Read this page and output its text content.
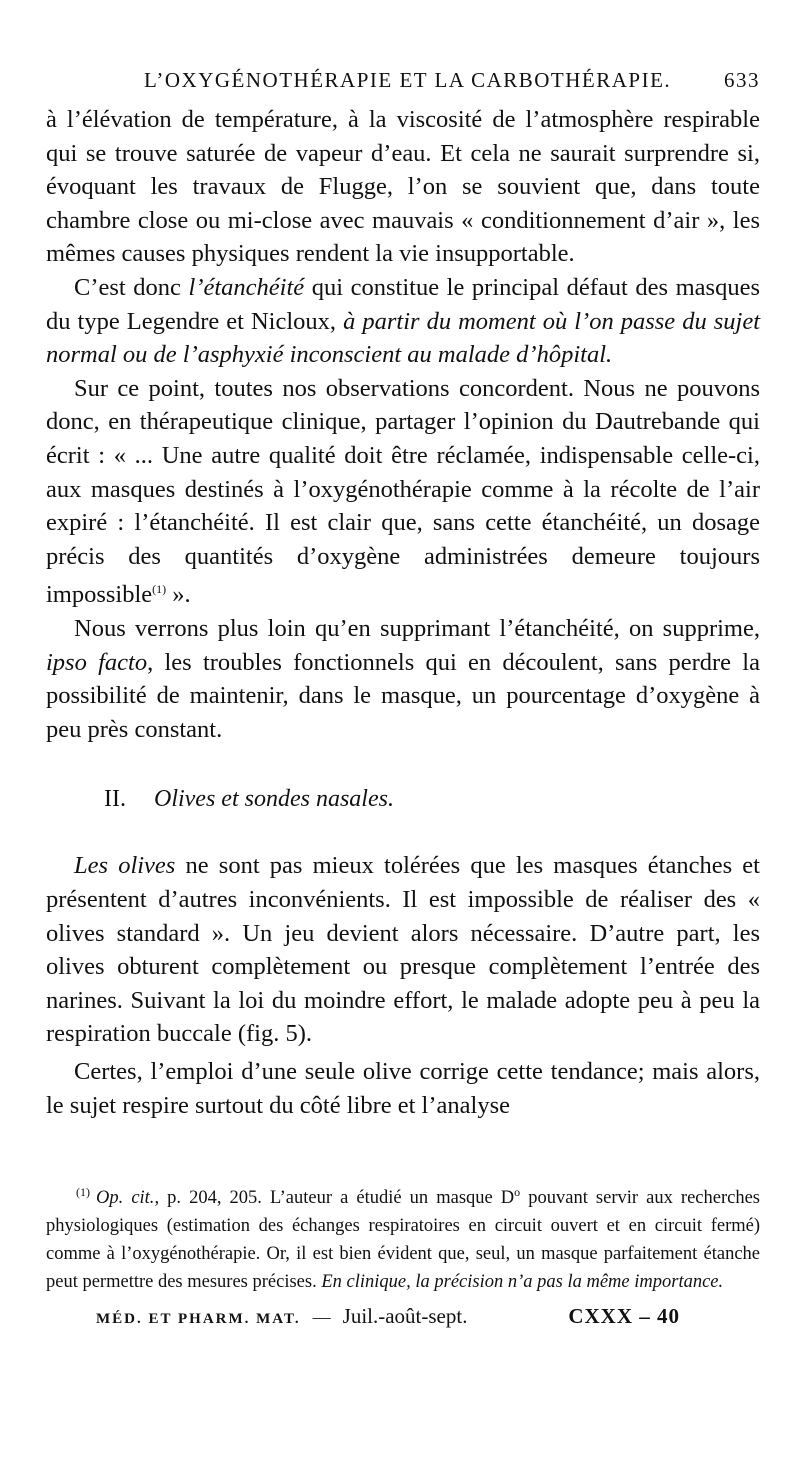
L’OXYGÉNOTHÉRAPIE ET LA CARBOTHÉRAPIE.	633

à l’élévation de température, à la viscosité de l’atmosphère respirable qui se trouve saturée de vapeur d’eau. Et cela ne saurait surprendre si, évoquant les travaux de Flugge, l’on se souvient que, dans toute chambre close ou mi-close avec mauvais « conditionnement d’air », les mêmes causes physiques rendent la vie insupportable.

C’est donc l’étanchéité qui constitue le principal défaut des masques du type Legendre et Nicloux, à partir du moment où l’on passe du sujet normal ou de l’asphyxié inconscient au malade d’hôpital.

Sur ce point, toutes nos observations concordent. Nous ne pouvons donc, en thérapeutique clinique, partager l’opinion du Dautrebande qui écrit : « ... Une autre qualité doit être réclamée, indispensable celle-ci, aux masques destinés à l’oxygénothérapie comme à la récolte de l’air expiré : l’étanchéité. Il est clair que, sans cette étanchéité, un dosage précis des quantités d’oxygène administrées demeure toujours impossible$^{(1)}$ ».

Nous verrons plus loin qu’en supprimant l’étanchéité, on supprime, ipso facto, les troubles fonctionnels qui en découlent, sans perdre la possibilité de maintenir, dans le masque, un pourcentage d’oxygène à peu près constant.

II. Olives et sondes nasales.

Les olives ne sont pas mieux tolérées que les masques étanches et présentent d’autres inconvénients. Il est impossible de réaliser des « olives standard ». Un jeu devient alors nécessaire. D’autre part, les olives obturent complètement ou presque complètement l’entrée des narines. Suivant la loi du moindre effort, le malade adopte peu à peu la respiration buccale (fig. 5).

Certes, l’emploi d’une seule olive corrige cette tendance; mais alors, le sujet respire surtout du côté libre et l’analyse

$^{(1)}$ Op. cit., p. 204, 205. L’auteur a étudié un masque $D^o$ pouvant servir aux recherches physiologiques (estimation des échanges respiratoires en circuit ouvert et en circuit fermé) comme à l’oxygénothérapie. Or, il est bien évident que, seul, un masque parfaitement étanche peut permettre des mesures précises. En clinique, la précision n’a pas la même importance.
MÉD. ET PHARM. MAT. — Juil.-août-sept.	CXXX – 40
